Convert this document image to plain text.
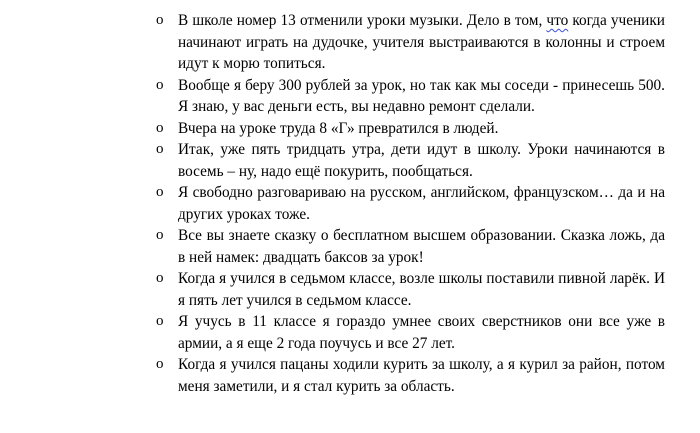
o В школе номер 13 отменили уроки музыки. Дело в том, что когда ученики начинают играть на дудочке, учителя выстраиваются в колонны и строем идут к морю топиться.
o Вообще я беру 300 рублей за урок, но так как мы соседи - принесешь 500. Я знаю, у вас деньги есть, вы недавно ремонт сделали.
o Вчера на уроке труда 8 «Г» превратился в людей.
o Итак, уже пять тридцать утра, дети идут в школу. Уроки начинаются в восемь – ну, надо ещё покурить, пообщаться.
o Я свободно разговариваю на русском, английском, французском… да и на других уроках тоже.
o Все вы знаете сказку о бесплатном высшем образовании. Сказка ложь, да в ней намек: двадцать баксов за урок!
o Когда я учился в седьмом классе, возле школы поставили пивной ларёк. И я пять лет учился в седьмом классе.
o Я учусь в 11 классе я гораздо умнее своих сверстников они все уже в армии, а я еще 2 года поучусь и все 27 лет.
o Когда я учился пацаны ходили курить за школу, а я курил за район, потом меня заметили, и я стал курить за область.
